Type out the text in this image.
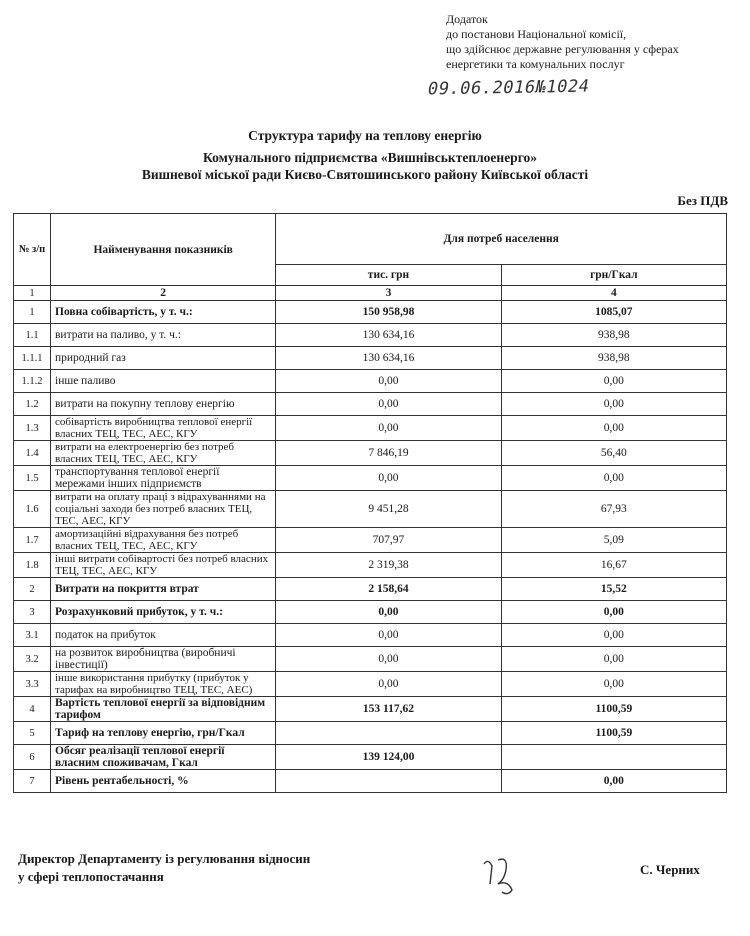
Додаток
до постанови Національної комісії,
що здійснює державне регулювання у сферах
енергетики та комунальних послуг
09.06.2016№1024
Структура тарифу на теплову енергію
Комунального підприємства «Вишнівськтеплоенерго»
Вишневої міської ради Києво-Святошинського району Київської області
Без ПДВ
№ з/п	Найменування показників	Для потреб населення	
		тис. грн	грн/Гкал
1	2	3	4
1	Повна собівартість, у т. ч.:	150 958,98	1085,07
1.1	витрати на паливо, у т. ч.:	130 634,16	938,98
1.1.1	природний газ	130 634,16	938,98
1.1.2	інше паливо	0,00	0,00
1.2	витрати на покупну теплову енергію	0,00	0,00
1.3	собівартість виробництва теплової енергії власних ТЕЦ, ТЕС, АЕС, КГУ	0,00	0,00
1.4	витрати на електроенергію без потреб власних ТЕЦ, ТЕС, АЕС, КГУ	7 846,19	56,40
1.5	транспортування теплової енергії мережами інших підприємств	0,00	0,00
1.6	витрати на оплату праці з відрахуваннями на соціальні заходи без потреб власних ТЕЦ, ТЕС, АЕС, КГУ	9 451,28	67,93
1.7	амортизаційні відрахування без потреб власних ТЕЦ, ТЕС, АЕС, КГУ	707,97	5,09
1.8	інші витрати собівартості без потреб власних ТЕЦ, ТЕС, АЕС, КГУ	2 319,38	16,67
2	Витрати на покриття втрат	2 158,64	15,52
3	Розрахунковий прибуток, у т. ч.:	0,00	0,00
3.1	податок на прибуток	0,00	0,00
3.2	на розвиток виробництва (виробничі інвестиції)	0,00	0,00
3.3	інше використання прибутку (прибуток у тарифах на виробництво ТЕЦ, ТЕС, АЕС)	0,00	0,00
4	Вартість теплової енергії за відповідним тарифом	153 117,62	1100,59
5	Тариф на теплову енергію, грн/Гкал		1100,59
6	Обсяг реалізації теплової енергії власним споживачам, Гкал	139 124,00	
7	Рівень рентабельності, %		0,00
Директор Департаменту із регулювання відносин
у сфері теплопостачання	С. Черних
